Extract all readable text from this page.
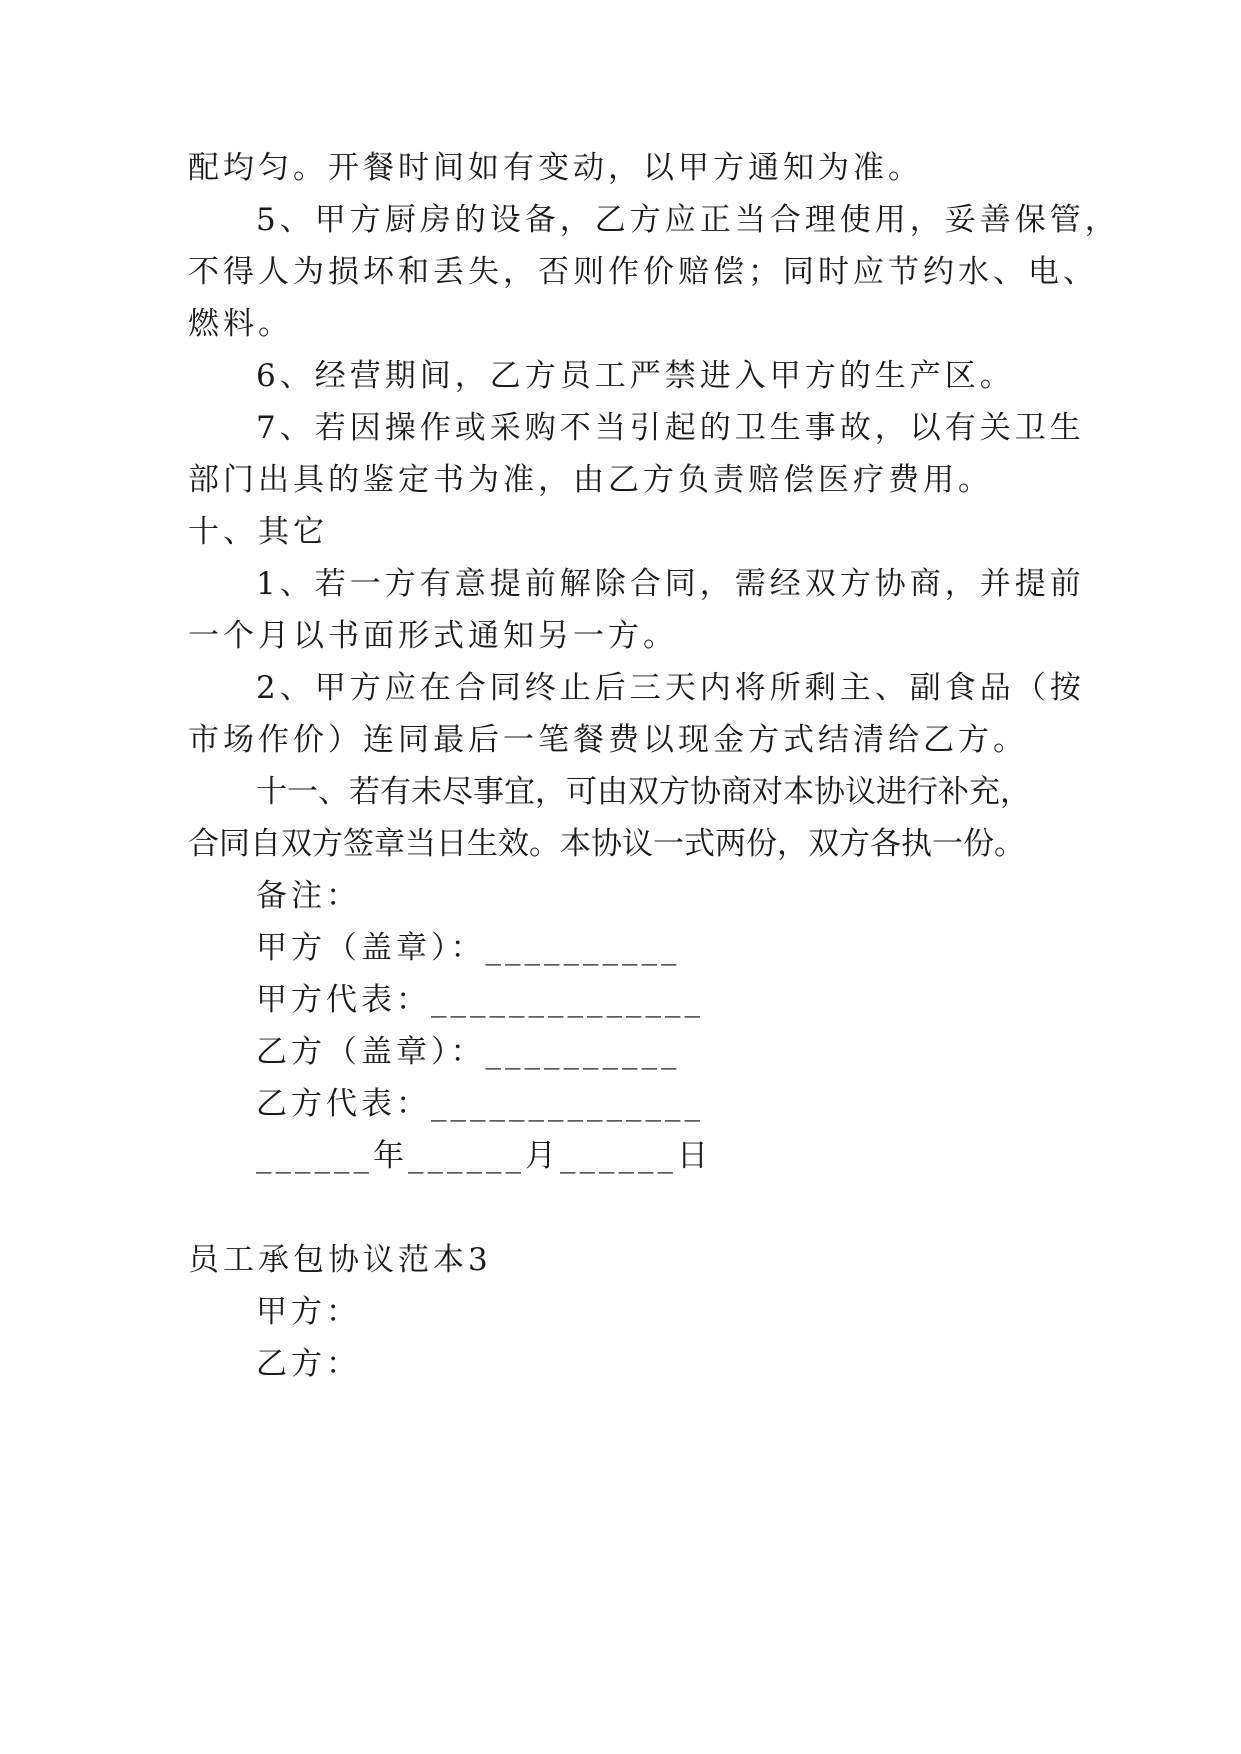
配均匀。开餐时间如有变动，以甲方通知为准。
5、甲方厨房的设备，乙方应正当合理使用，妥善保管，
不得人为损坏和丢失，否则作价赔偿；同时应节约水、电、
燃料。
6、经营期间，乙方员工严禁进入甲方的生产区。
7、若因操作或采购不当引起的卫生事故，以有关卫生
部门出具的鉴定书为准，由乙方负责赔偿医疗费用。
十、其它
1、若一方有意提前解除合同，需经双方协商，并提前
一个月以书面形式通知另一方。
2、甲方应在合同终止后三天内将所剩主、副食品（按
市场作价）连同最后一笔餐费以现金方式结清给乙方。
十一、若有未尽事宜，可由双方协商对本协议进行补充，
合同自双方签章当日生效。本协议一式两份，双方各执一份。
备注：
甲方（盖章）：__________
甲方代表：______________
乙方（盖章）：__________
乙方代表：______________
______年______月______日
员工承包协议范本3
甲方：
乙方：
